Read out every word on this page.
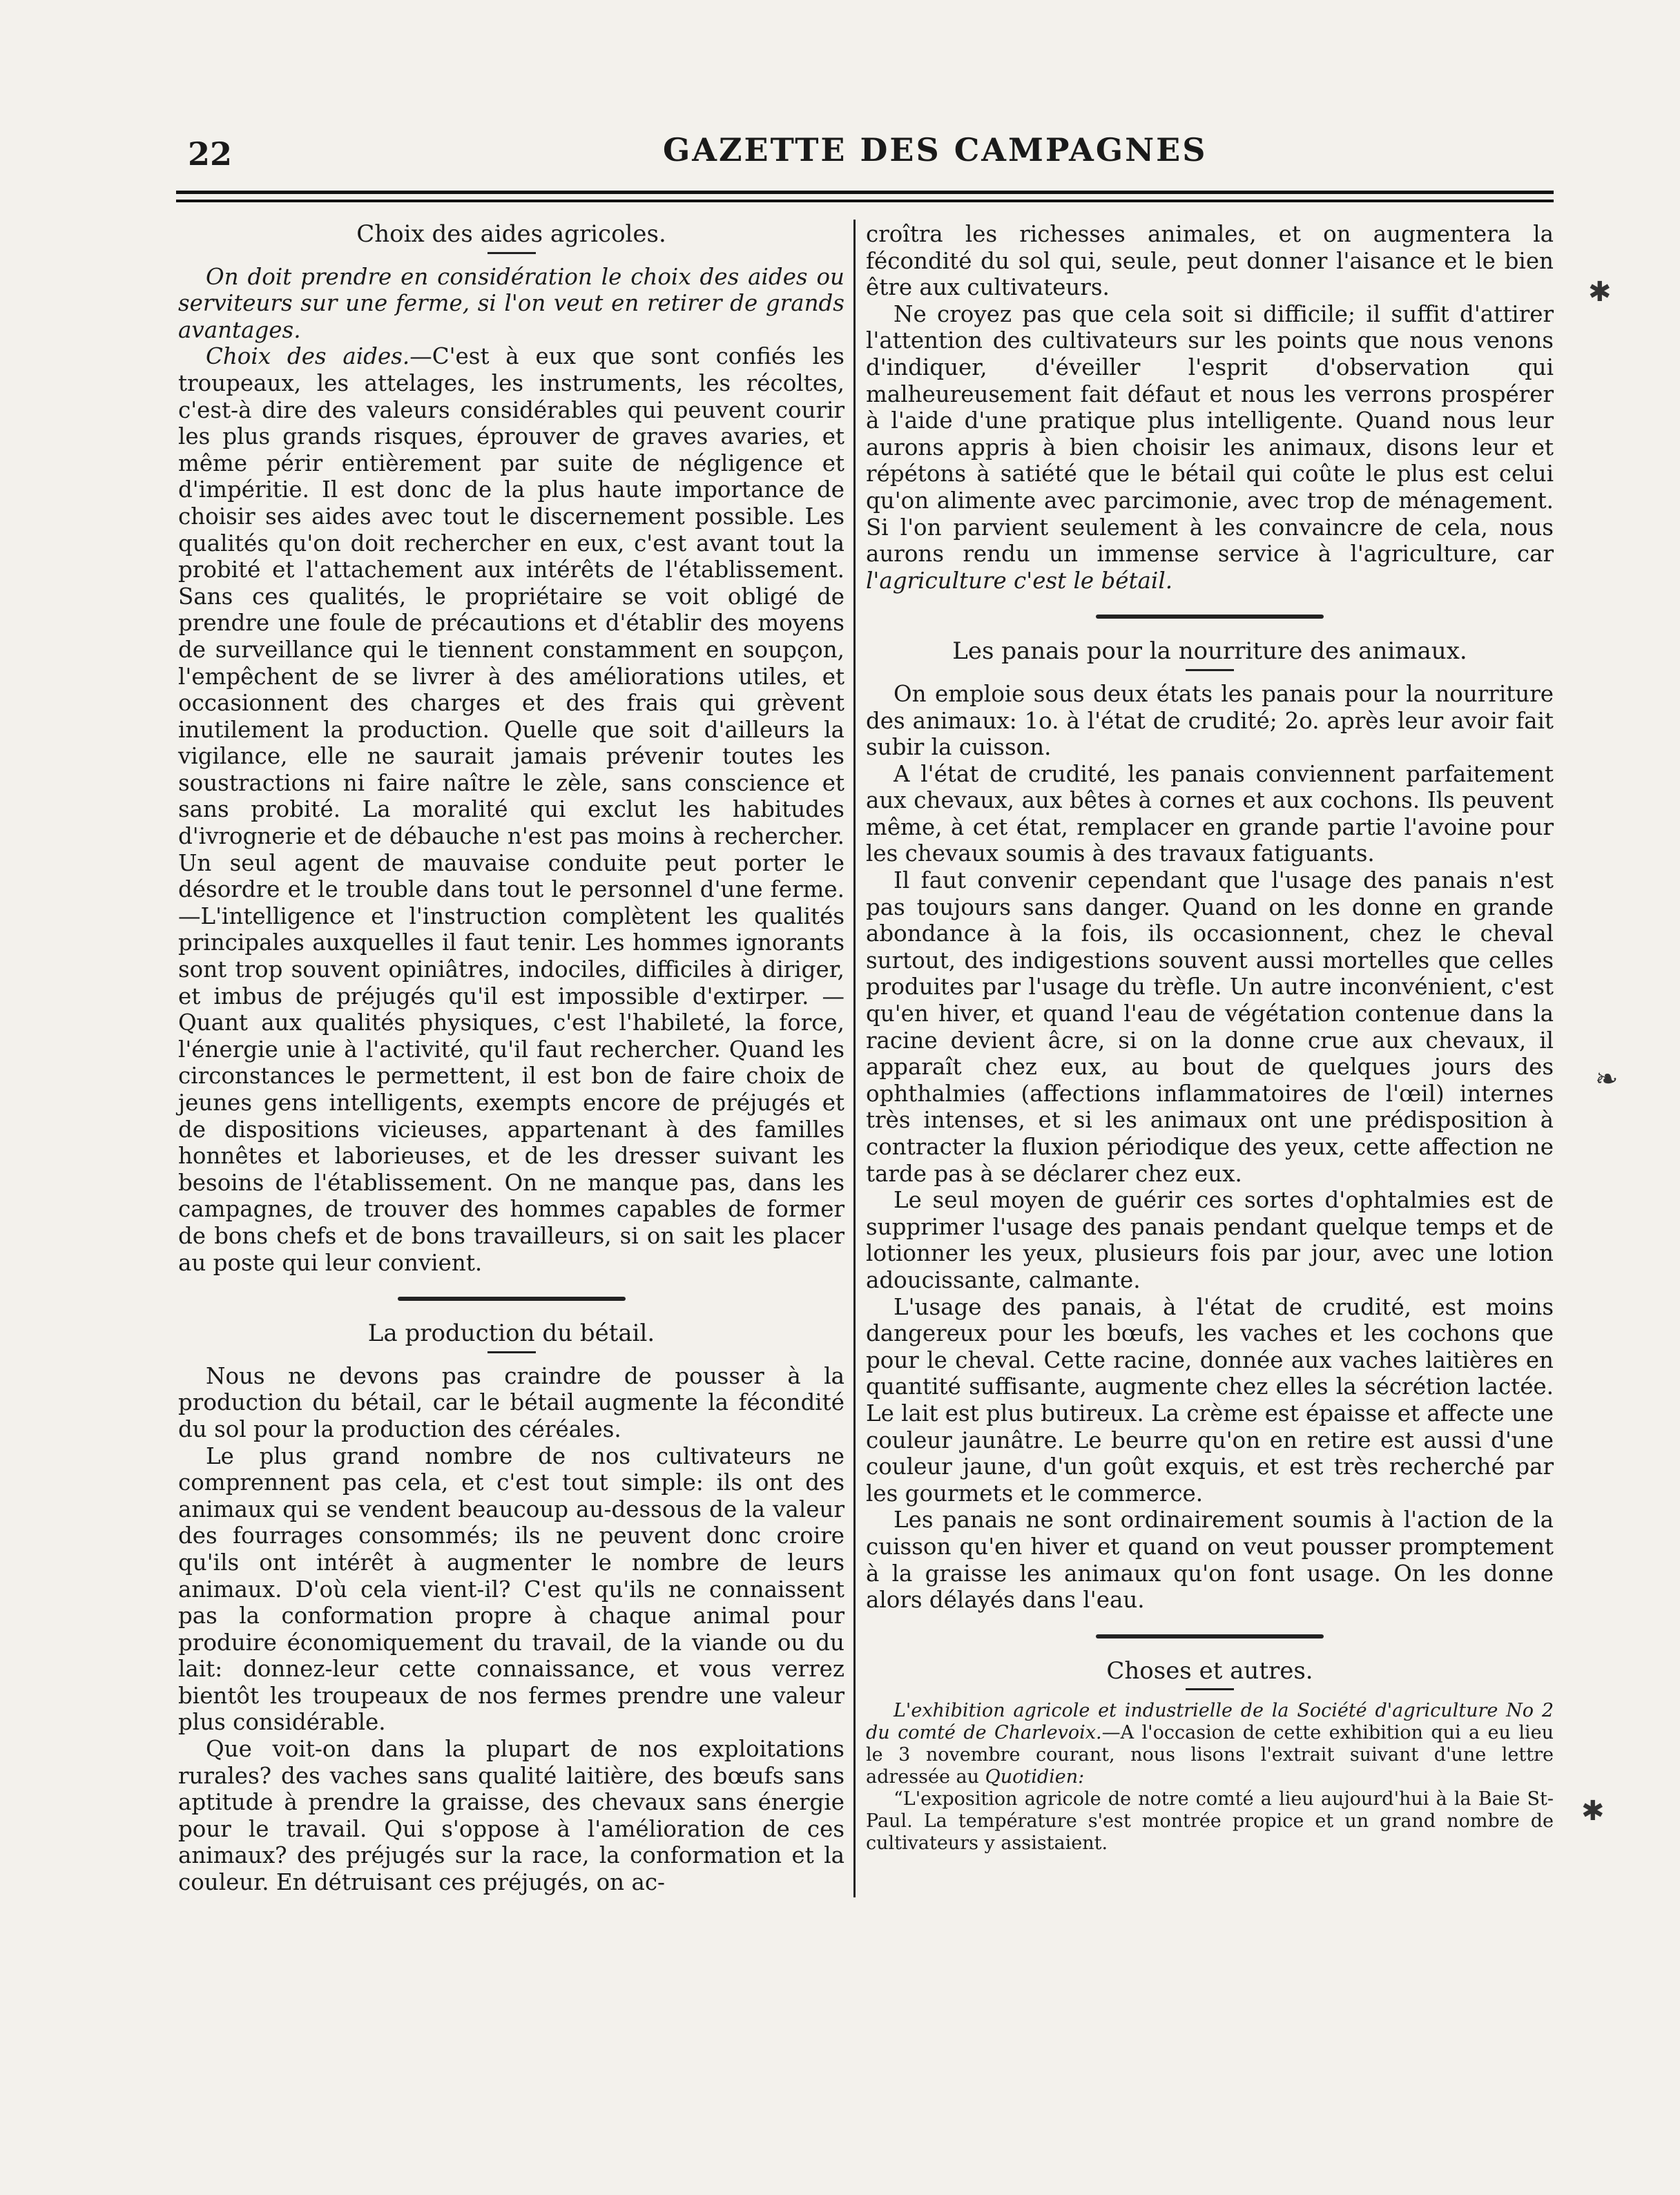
22	GAZETTE DES CAMPAGNES
Choix des aides agricoles.

On doit prendre en considération le choix des aides ou serviteurs sur une ferme, si l'on veut en retirer de grands avantages.

Choix des aides.—C'est à eux que sont confiés les troupeaux, les attelages, les instruments, les récoltes, c'est-à dire des valeurs considérables qui peuvent courir les plus grands risques, éprouver de graves avaries, et même périr entièrement par suite de négligence et d'impéritie. Il est donc de la plus haute importance de choisir ses aides avec tout le discernement possible. Les qualités qu'on doit rechercher en eux, c'est avant tout la probité et l'attachement aux intérêts de l'établissement. Sans ces qualités, le propriétaire se voit obligé de prendre une foule de précautions et d'établir des moyens de surveillance qui le tiennent constamment en soupçon, l'empêchent de se livrer à des améliorations utiles, et occasionnent des charges et des frais qui grèvent inutilement la production. Quelle que soit d'ailleurs la vigilance, elle ne saurait jamais prévenir toutes les soustractions ni faire naître le zèle, sans conscience et sans probité. La moralité qui exclut les habitudes d'ivrognerie et de débauche n'est pas moins à rechercher. Un seul agent de mauvaise conduite peut porter le désordre et le trouble dans tout le personnel d'une ferme.—L'intelligence et l'instruction complètent les qualités principales auxquelles il faut tenir. Les hommes ignorants sont trop souvent opiniâtres, indociles, difficiles à diriger, et imbus de préjugés qu'il est impossible d'extirper. —Quant aux qualités physiques, c'est l'habileté, la force, l'énergie unie à l'activité, qu'il faut rechercher. Quand les circonstances le permettent, il est bon de faire choix de jeunes gens intelligents, exempts encore de préjugés et de dispositions vicieuses, appartenant à des familles honnêtes et laborieuses, et de les dresser suivant les besoins de l'établissement. On ne manque pas, dans les campagnes, de trouver des hommes capables de former de bons chefs et de bons travailleurs, si on sait les placer au poste qui leur convient.

La production du bétail.

Nous ne devons pas craindre de pousser à la production du bétail, car le bétail augmente la fécondité du sol pour la production des céréales.

Le plus grand nombre de nos cultivateurs ne comprennent pas cela, et c'est tout simple: ils ont des animaux qui se vendent beaucoup au-dessous de la valeur des fourrages consommés; ils ne peuvent donc croire qu'ils ont intérêt à augmenter le nombre de leurs animaux. D'où cela vient-il? C'est qu'ils ne connaissent pas la conformation propre à chaque animal pour produire économiquement du travail, de la viande ou du lait: donnez-leur cette connaissance, et vous verrez bientôt les troupeaux de nos fermes prendre une valeur plus considérable.

Que voit-on dans la plupart de nos exploitations rurales? des vaches sans qualité laitière, des bœufs sans aptitude à prendre la graisse, des chevaux sans énergie pour le travail. Qui s'oppose à l'amélioration de ces animaux? des préjugés sur la race, la conformation et la couleur. En détruisant ces préjugés, on ac-

croîtra les richesses animales, et on augmentera la fécondité du sol qui, seule, peut donner l'aisance et le bien être aux cultivateurs.

Ne croyez pas que cela soit si difficile; il suffit d'attirer l'attention des cultivateurs sur les points que nous venons d'indiquer, d'éveiller l'esprit d'observation qui malheureusement fait défaut et nous les verrons prospérer à l'aide d'une pratique plus intelligente. Quand nous leur aurons appris à bien choisir les animaux, disons leur et répétons à satiété que le bétail qui coûte le plus est celui qu'on alimente avec parcimonie, avec trop de ménagement. Si l'on parvient seulement à les convaincre de cela, nous aurons rendu un immense service à l'agriculture, car l'agriculture c'est le bétail.

Les panais pour la nourriture des animaux.

On emploie sous deux états les panais pour la nourriture des animaux: 1o. à l'état de crudité; 2o. après leur avoir fait subir la cuisson.

A l'état de crudité, les panais conviennent parfaitement aux chevaux, aux bêtes à cornes et aux cochons. Ils peuvent même, à cet état, remplacer en grande partie l'avoine pour les chevaux soumis à des travaux fatiguants.

Il faut convenir cependant que l'usage des panais n'est pas toujours sans danger. Quand on les donne en grande abondance à la fois, ils occasionnent, chez le cheval surtout, des indigestions souvent aussi mortelles que celles produites par l'usage du trèfle. Un autre inconvénient, c'est qu'en hiver, et quand l'eau de végétation contenue dans la racine devient âcre, si on la donne crue aux chevaux, il apparaît chez eux, au bout de quelques jours des ophthalmies (affections inflammatoires de l'œil) internes très intenses, et si les animaux ont une prédisposition à contracter la fluxion périodique des yeux, cette affection ne tarde pas à se déclarer chez eux.

Le seul moyen de guérir ces sortes d'ophtalmies est de supprimer l'usage des panais pendant quelque temps et de lotionner les yeux, plusieurs fois par jour, avec une lotion adoucissante, calmante.

L'usage des panais, à l'état de crudité, est moins dangereux pour les bœufs, les vaches et les cochons que pour le cheval. Cette racine, donnée aux vaches laitières en quantité suffisante, augmente chez elles la sécrétion lactée. Le lait est plus butireux. La crème est épaisse et affecte une couleur jaunâtre. Le beurre qu'on en retire est aussi d'une couleur jaune, d'un goût exquis, et est très recherché par les gourmets et le commerce.

Les panais ne sont ordinairement soumis à l'action de la cuisson qu'en hiver et quand on veut pousser promptement à la graisse les animaux qu'on font usage. On les donne alors délayés dans l'eau.

Choses et autres.

L'exhibition agricole et industrielle de la Société d'agriculture No 2 du comté de Charlevoix.—A l'occasion de cette exhibition qui a eu lieu le 3 novembre courant, nous lisons l'extrait suivant d'une lettre adressée au Quotidien:

“L'exposition agricole de notre comté a lieu aujourd'hui à la Baie St-Paul. La température s'est montrée propice et un grand nombre de cultivateurs y assistaient.

✱
❧
✱
